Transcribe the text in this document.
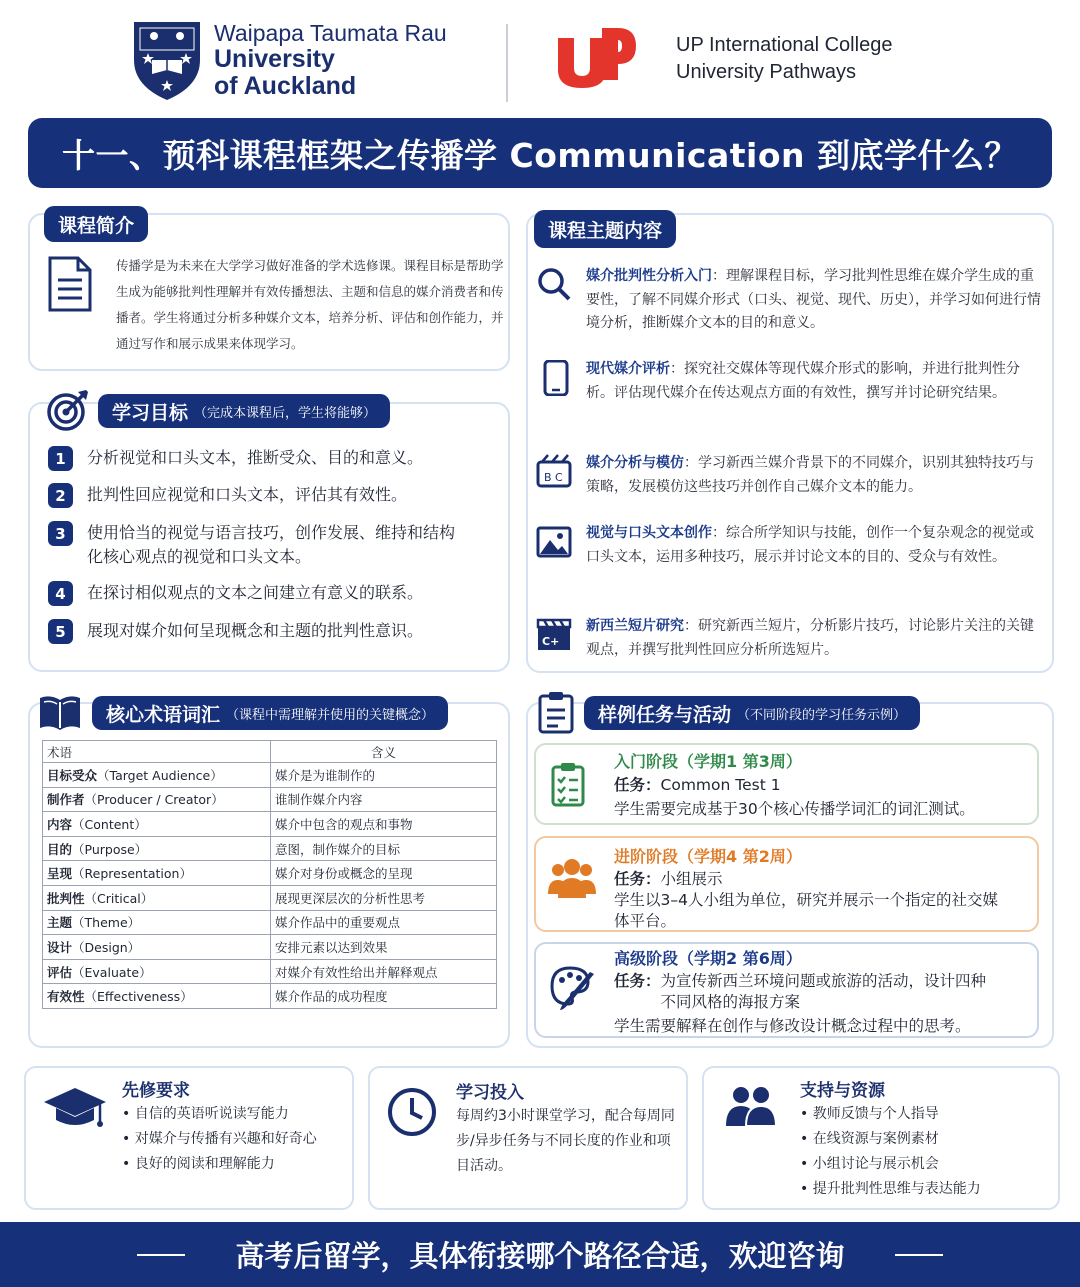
Waipapa Taumata Rau
University
of Auckland
UP International College
University Pathways
十一、预科课程框架之传播学 Communication 到底学什么？
课程简介
传播学是为未来在大学学习做好准备的学术选修课。课程目标是帮助学生成为能够批判性理解并有效传播想法、主题和信息的媒介消费者和传播者。学生将通过分析多种媒介文本，培养分析、评估和创作能力，并通过写作和展示成果来体现学习。
学习目标 （完成本课程后，学生将能够）
1	分析视觉和口头文本，推断受众、目的和意义。
2	批判性回应视觉和口头文本，评估其有效性。
3	使用恰当的视觉与语言技巧，创作发展、维持和结构化核心观点的视觉和口头文本。
4	在探讨相似观点的文本之间建立有意义的联系。
5	展现对媒介如何呈现概念和主题的批判性意识。
课程主题内容
媒介批判性分析入门：理解课程目标，学习批判性思维在媒介学生成的重要性，了解不同媒介形式（口头、视觉、现代、历史），并学习如何进行情境分析，推断媒介文本的目的和意义。
现代媒介评析：探究社交媒体等现代媒介形式的影响，并进行批判性分析。评估现代媒介在传达观点方面的有效性，撰写并讨论研究结果。
B C
媒介分析与模仿：学习新西兰媒介背景下的不同媒介，识别其独特技巧与策略，发展模仿这些技巧并创作自己媒介文本的能力。
视觉与口头文本创作：综合所学知识与技能，创作一个复杂观念的视觉或口头文本，运用多种技巧，展示并讨论文本的目的、受众与有效性。
C+
新西兰短片研究：研究新西兰短片，分析影片技巧，讨论影片关注的关键观点，并撰写批判性回应分析所选短片。
核心术语词汇 （课程中需理解并使用的关键概念）
术语	含义
目标受众（Target Audience）	媒介是为谁制作的
制作者（Producer / Creator）	谁制作媒介内容
内容（Content）	媒介中包含的观点和事物
目的（Purpose）	意图，制作媒介的目标
呈现（Representation）	媒介对身份或概念的呈现
批判性（Critical）	展现更深层次的分析性思考
主题（Theme）	媒介作品中的重要观点
设计（Design）	安排元素以达到效果
评估（Evaluate）	对媒介有效性给出并解释观点
有效性（Effectiveness）	媒介作品的成功程度
样例任务与活动 （不同阶段的学习任务示例）
入门阶段（学期1 第3周）
任务：Common Test 1
学生需要完成基于30个核心传播学词汇的词汇测试。
进阶阶段（学期4 第2周）
任务：小组展示
学生以3–4人小组为单位，研究并展示一个指定的社交媒体平台。
高级阶段（学期2 第6周）
任务： 为宣传新西兰环境问题或旅游的活动，设计四种不同风格的海报方案
学生需要解释在创作与修改设计概念过程中的思考。
先修要求
• 自信的英语听说读写能力
• 对媒介与传播有兴趣和好奇心
• 良好的阅读和理解能力
学习投入
每周约3小时课堂学习，配合每周同步/异步任务与不同长度的作业和项目活动。
支持与资源
• 教师反馈与个人指导
• 在线资源与案例素材
• 小组讨论与展示机会
• 提升批判性思维与表达能力
高考后留学，具体衔接哪个路径合适，欢迎咨询
